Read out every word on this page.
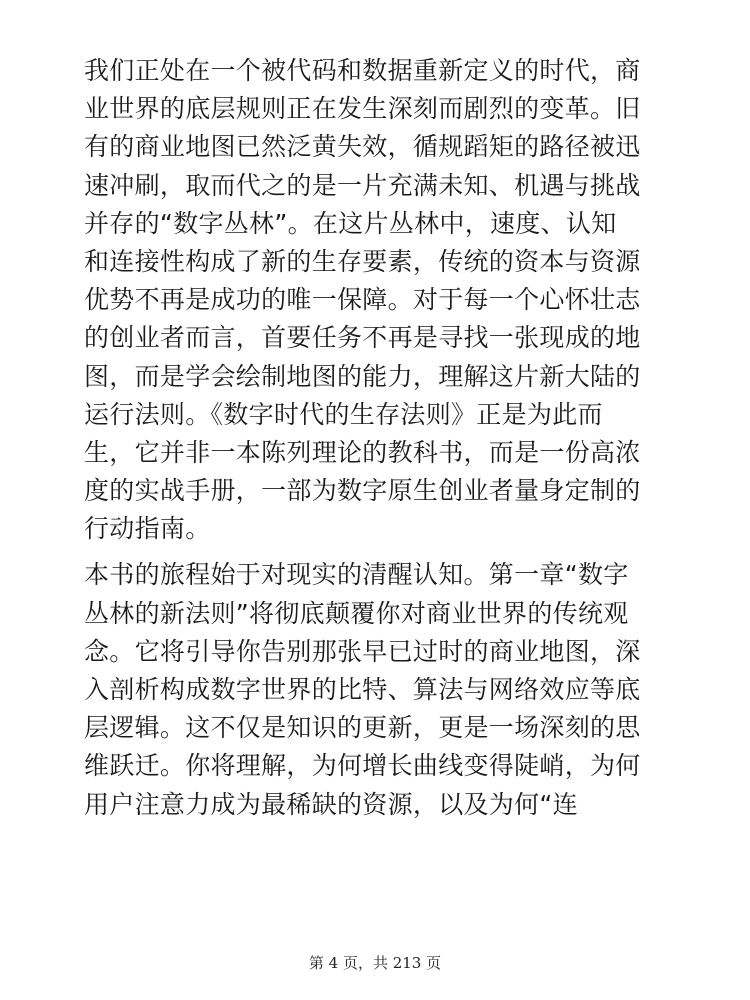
我们正处在一个被代码和数据重新定义的时代，商
业世界的底层规则正在发生深刻而剧烈的变革。旧
有的商业地图已然泛黄失效，循规蹈矩的路径被迅
速冲刷，取而代之的是一片充满未知、机遇与挑战
并存的“数字丛林”。在这片丛林中，速度、认知
和连接性构成了新的生存要素，传统的资本与资源
优势不再是成功的唯一保障。对于每一个心怀壮志
的创业者而言，首要任务不再是寻找一张现成的地
图，而是学会绘制地图的能力，理解这片新大陆的
运行法则。《数字时代的生存法则》正是为此而
生，它并非一本陈列理论的教科书，而是一份高浓
度的实战手册，一部为数字原生创业者量身定制的
行动指南。
本书的旅程始于对现实的清醒认知。第一章“数字
丛林的新法则”将彻底颠覆你对商业世界的传统观
念。它将引导你告别那张早已过时的商业地图，深
入剖析构成数字世界的比特、算法与网络效应等底
层逻辑。这不仅是知识的更新，更是一场深刻的思
维跃迁。你将理解，为何增长曲线变得陡峭，为何
用户注意力成为最稀缺的资源，以及为何“连
第 4 页，共 213 页
